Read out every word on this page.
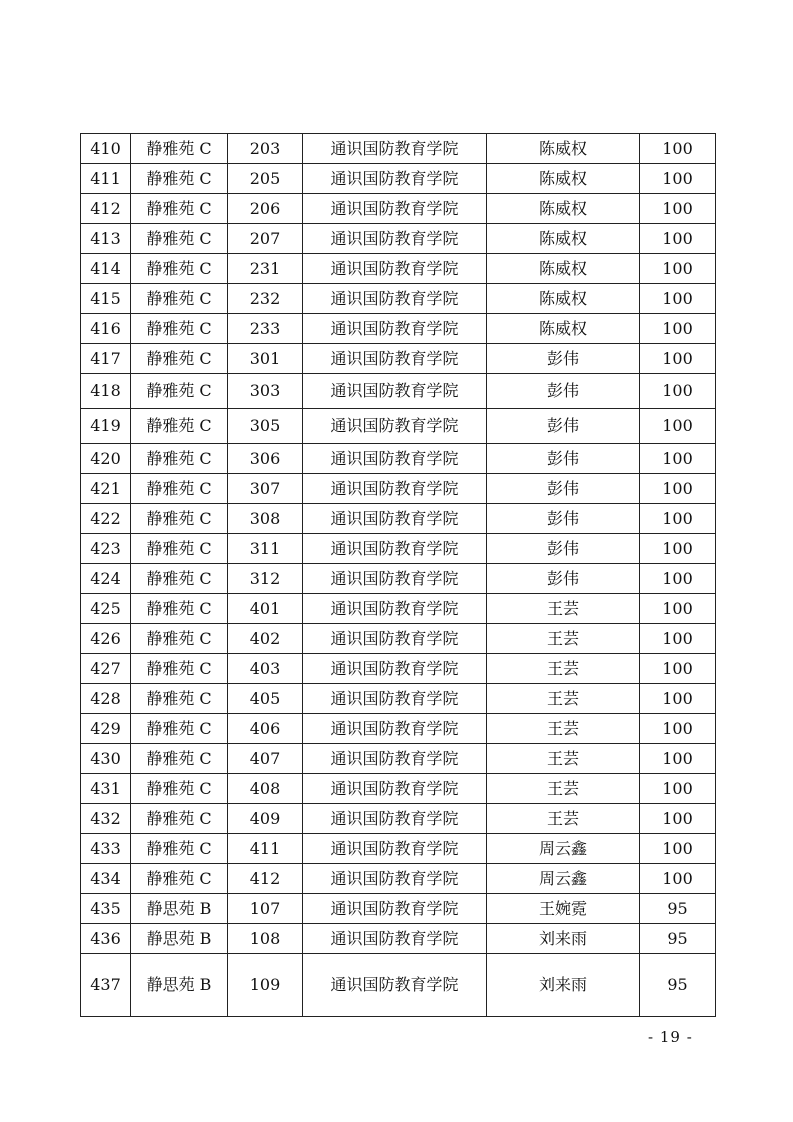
410	静雅苑 C	203	通识国防教育学院	陈威权	100
411	静雅苑 C	205	通识国防教育学院	陈威权	100
412	静雅苑 C	206	通识国防教育学院	陈威权	100
413	静雅苑 C	207	通识国防教育学院	陈威权	100
414	静雅苑 C	231	通识国防教育学院	陈威权	100
415	静雅苑 C	232	通识国防教育学院	陈威权	100
416	静雅苑 C	233	通识国防教育学院	陈威权	100
417	静雅苑 C	301	通识国防教育学院	彭伟	100
418	静雅苑 C	303	通识国防教育学院	彭伟	100
419	静雅苑 C	305	通识国防教育学院	彭伟	100
420	静雅苑 C	306	通识国防教育学院	彭伟	100
421	静雅苑 C	307	通识国防教育学院	彭伟	100
422	静雅苑 C	308	通识国防教育学院	彭伟	100
423	静雅苑 C	311	通识国防教育学院	彭伟	100
424	静雅苑 C	312	通识国防教育学院	彭伟	100
425	静雅苑 C	401	通识国防教育学院	王芸	100
426	静雅苑 C	402	通识国防教育学院	王芸	100
427	静雅苑 C	403	通识国防教育学院	王芸	100
428	静雅苑 C	405	通识国防教育学院	王芸	100
429	静雅苑 C	406	通识国防教育学院	王芸	100
430	静雅苑 C	407	通识国防教育学院	王芸	100
431	静雅苑 C	408	通识国防教育学院	王芸	100
432	静雅苑 C	409	通识国防教育学院	王芸	100
433	静雅苑 C	411	通识国防教育学院	周云鑫	100
434	静雅苑 C	412	通识国防教育学院	周云鑫	100
435	静思苑 B	107	通识国防教育学院	王婉霓	95
436	静思苑 B	108	通识国防教育学院	刘来雨	95
437	静思苑 B	109	通识国防教育学院	刘来雨	95
- 19 -
